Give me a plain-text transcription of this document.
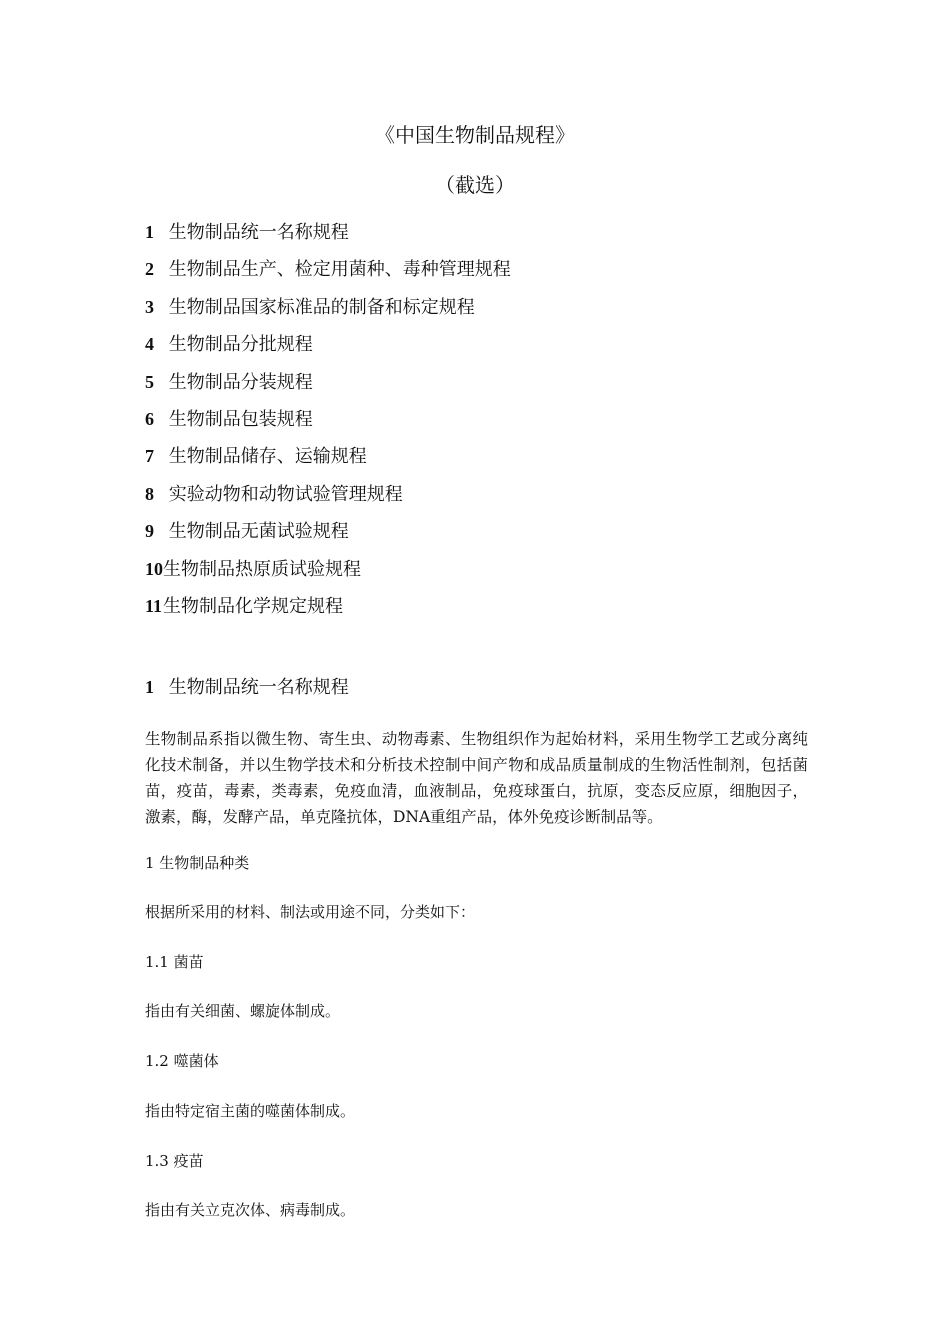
《中国生物制品规程》
（截选）
1 生物制品统一名称规程
2 生物制品生产、检定用菌种、毒种管理规程
3 生物制品国家标准品的制备和标定规程
4 生物制品分批规程
5 生物制品分装规程
6 生物制品包装规程
7 生物制品储存、运输规程
8 实验动物和动物试验管理规程
9 生物制品无菌试验规程
10生物制品热原质试验规程
11生物制品化学规定规程
1 生物制品统一名称规程
生物制品系指以微生物、寄生虫、动物毒素、生物组织作为起始材料，采用生物学工艺或分离纯化技术制备，并以生物学技术和分析技术控制中间产物和成品质量制成的生物活性制剂，包括菌苗，疫苗，毒素，类毒素，免疫血清，血液制品，免疫球蛋白，抗原，变态反应原，细胞因子，激素，酶，发酵产品，单克隆抗体，DNA重组产品，体外免疫诊断制品等。
1 生物制品种类
根据所采用的材料、制法或用途不同，分类如下：
1.1 菌苗
指由有关细菌、螺旋体制成。
1.2 噬菌体
指由特定宿主菌的噬菌体制成。
1.3 疫苗
指由有关立克次体、病毒制成。
